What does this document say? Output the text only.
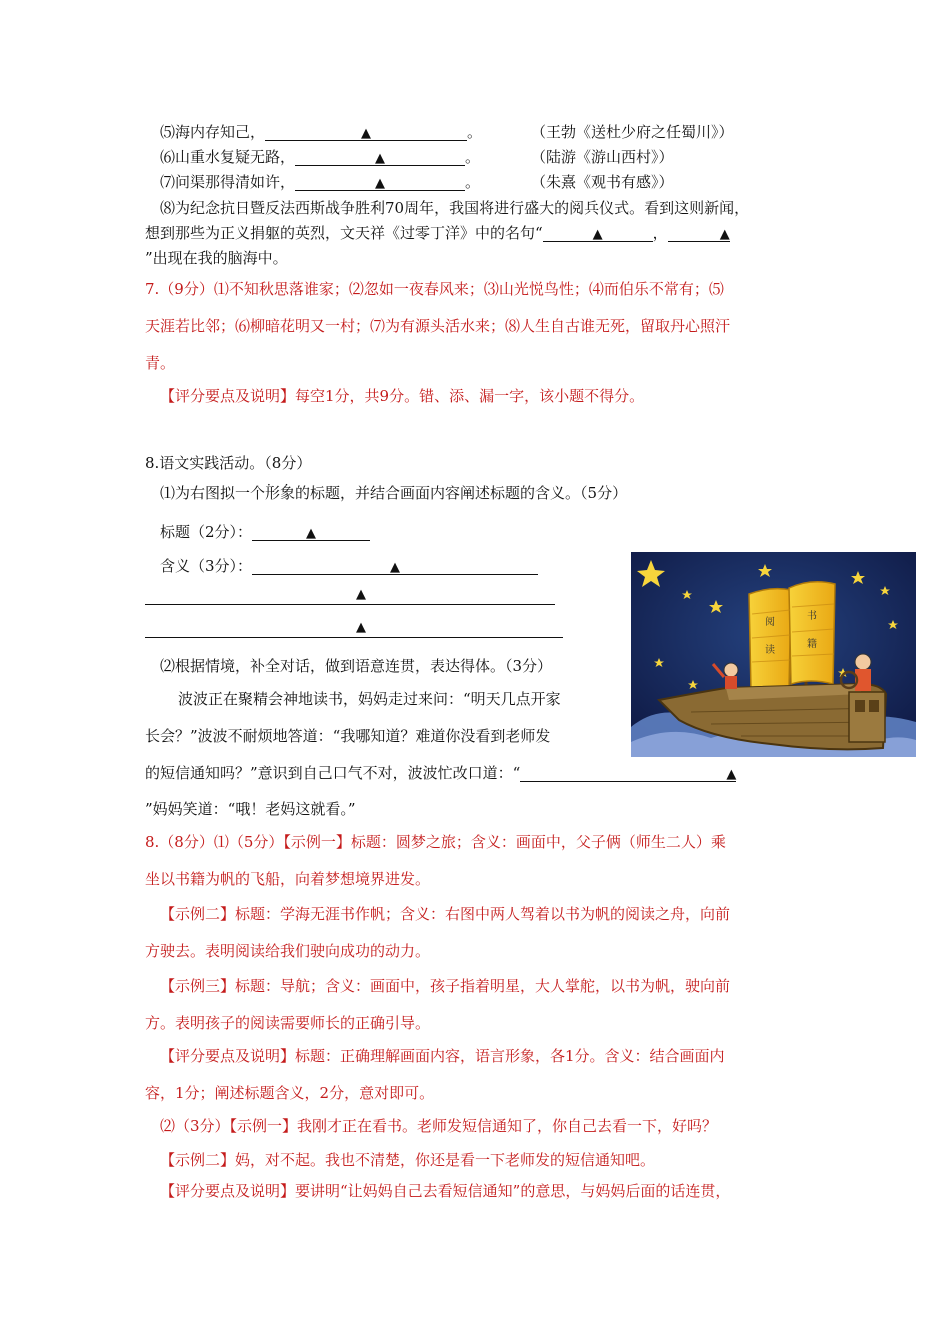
⑸海内存知己，	▲	。	（王勃《送杜少府之任蜀川》）
⑹山重水复疑无路，	▲	。	（陆游《游山西村》）
⑺问渠那得清如许，	▲	。	（朱熹《观书有感》）
⑻为纪念抗日暨反法西斯战争胜利70周年，我国将进行盛大的阅兵仪式。看到这则新闻，
想到那些为正义捐躯的英烈，文天祥《过零丁洋》中的名句“	▲	，	▲
”出现在我的脑海中。
7.（9分）⑴不知秋思落谁家；⑵忽如一夜春风来；⑶山光悦鸟性；⑷而伯乐不常有；⑸
天涯若比邻；⑹柳暗花明又一村；⑺为有源头活水来；⑻人生自古谁无死，留取丹心照汗
青。
【评分要点及说明】每空1分，共9分。错、添、漏一字，该小题不得分。
8.语文实践活动。（8分）
⑴为右图拟一个· · 形象的标题，并结合画面内容阐述标题的含义。（5分）
标题（2分）：	▲
含义（3分）：	▲
▲
▲
⑵根据情境，补全对话，做到语意连贯，表达得体。（3分）
波波正在聚精会神地读书，妈妈走过来问：“明天几点开家
长会？”波波不耐烦地答道：“我哪知道？难道你没看到老师发
的短信通知吗？”意识到自己口气不对，波波忙改口道：“	▲
”妈妈笑道：“哦！老妈这就看。”
阅
读
书
籍
8.（8分）⑴（5分）【示例一】标题：圆梦之旅；含义：画面中，父子俩（师生二人）乘
坐以书籍为帆的飞船，向着梦想境界进发。
【示例二】标题：学海无涯书作帆；含义：右图中两人驾着以书为帆的阅读之舟，向前
方驶去。表明阅读给我们驶向成功的动力。
【示例三】标题：导航；含义：画面中，孩子指着明星，大人掌舵，以书为帆，驶向前
方。表明孩子的阅读需要师长的正确引导。
【评分要点及说明】标题：正确理解画面内容，语言形象，各1分。含义：结合画面内
容，1分；阐述标题含义，2分，意对即可。
⑵（3分）【示例一】我刚才正在看书。老师发短信通知了，你自己去看一下，好吗？
【示例二】妈，对不起。我也不清楚，你还是看一下老师发的短信通知吧。
【评分要点及说明】要讲明“让妈妈自己去看短信通知”的意思，与妈妈后面的话连贯，
